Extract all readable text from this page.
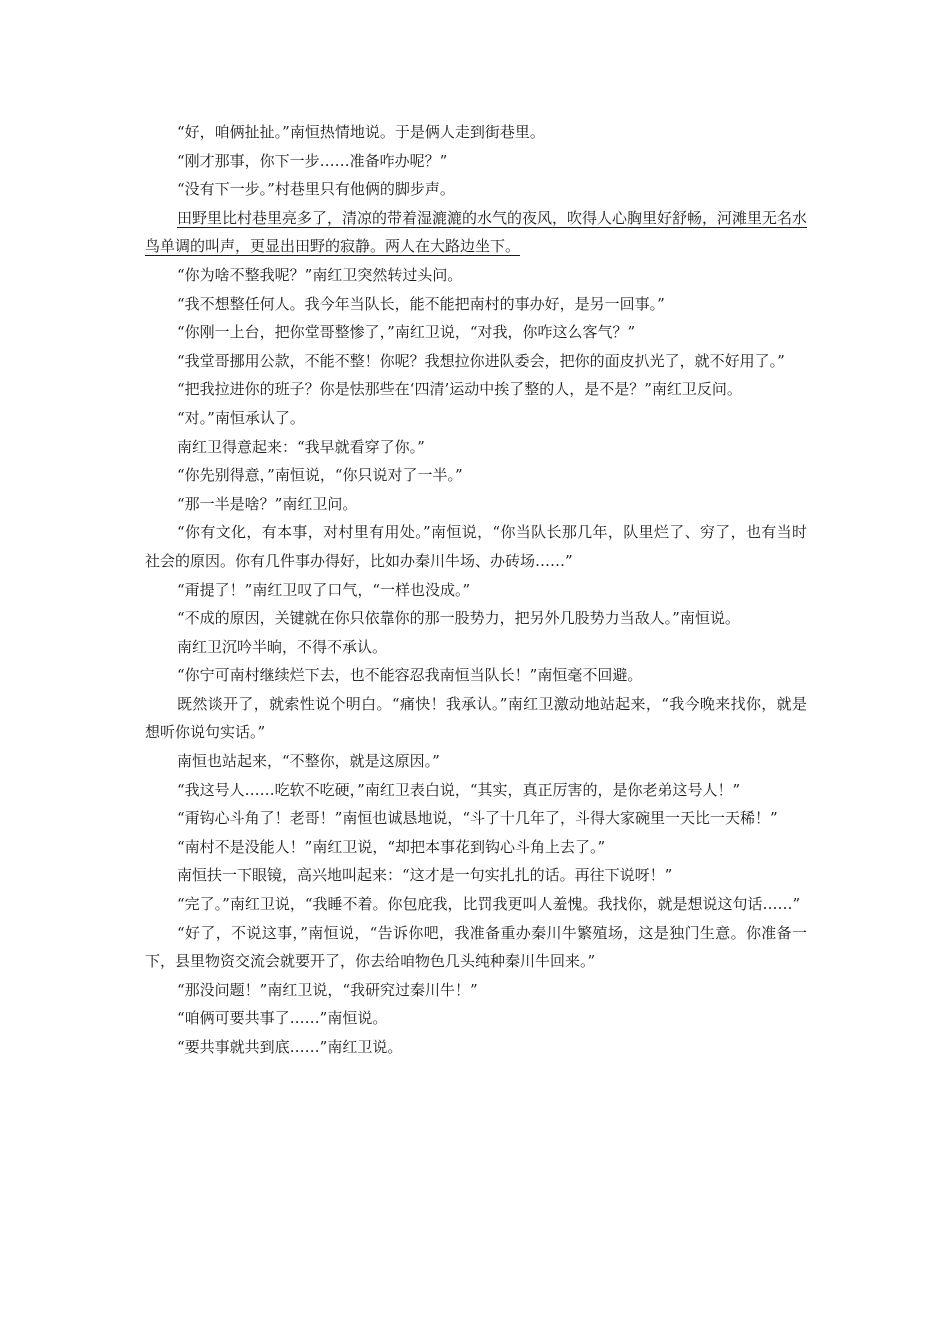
“好，咱俩扯扯。”南恒热情地说。于是俩人走到街巷里。

“刚才那事，你下一步……准备咋办呢？”

“没有下一步。”村巷里只有他俩的脚步声。

田野里比村巷里亮多了，清凉的带着湿漉漉的水气的夜风，吹得人心胸里好舒畅，河滩里无名水鸟单调的叫声，更显出田野的寂静。两人在大路边坐下。

“你为啥不整我呢？”南红卫突然转过头问。

“我不想整任何人。我今年当队长，能不能把南村的事办好，是另一回事。”

“你刚一上台，把你堂哥整惨了，”南红卫说，“对我，你咋这么客气？”

“我堂哥挪用公款，不能不整！你呢？我想拉你进队委会，把你的面皮扒光了，就不好用了。”

“把我拉进你的班子？你是怯那些在‘四清’运动中挨了整的人，是不是？”南红卫反问。

“对。”南恒承认了。

南红卫得意起来：“我早就看穿了你。”

“你先别得意，”南恒说，“你只说对了一半。”

“那一半是啥？”南红卫问。

“你有文化，有本事，对村里有用处。”南恒说，“你当队长那几年，队里烂了、穷了，也有当时社会的原因。你有几件事办得好，比如办秦川牛场、办砖场……”

“甭提了！”南红卫叹了口气，“一样也没成。”

“不成的原因，关键就在你只依靠你的那一股势力，把另外几股势力当敌人。”南恒说。

南红卫沉吟半晌，不得不承认。

“你宁可南村继续烂下去，也不能容忍我南恒当队长！”南恒毫不回避。

既然谈开了，就索性说个明白。“痛快！我承认。”南红卫激动地站起来，“我今晚来找你，就是想听你说句实话。”

南恒也站起来，“不整你，就是这原因。”

“我这号人……吃软不吃硬，”南红卫表白说，“其实，真正厉害的，是你老弟这号人！”

“甭钩心斗角了！老哥！”南恒也诚恳地说，“斗了十几年了，斗得大家碗里一天比一天稀！”

“南村不是没能人！”南红卫说，“却把本事花到钩心斗角上去了。”

南恒扶一下眼镜，高兴地叫起来：“这才是一句实扎扎的话。再往下说呀！”

“完了。”南红卫说，“我睡不着。你包庇我，比罚我更叫人羞愧。我找你，就是想说这句话……”

“好了，不说这事，”南恒说，“告诉你吧，我准备重办秦川牛繁殖场，这是独门生意。你准备一下，县里物资交流会就要开了，你去给咱物色几头纯种秦川牛回来。”

“那没问题！”南红卫说，“我研究过秦川牛！”

“咱俩可要共事了……”南恒说。

“要共事就共到底……”南红卫说。
